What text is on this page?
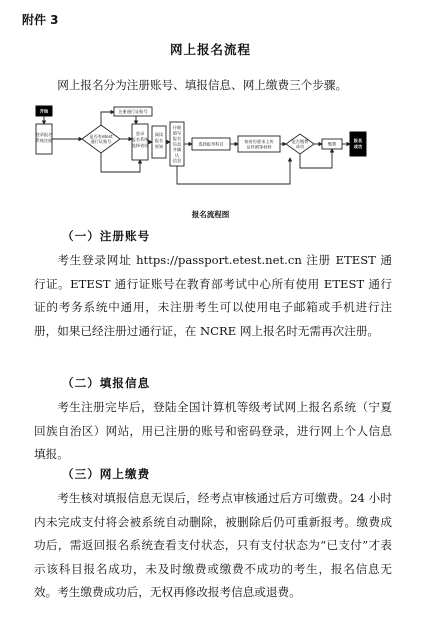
附件 3
网上报名流程
网上报名分为注册账号、填报信息、网上缴费三个步骤。
开始
登录报名
系统注册
是否有etest
通行证账号
注册通行证账号
登录
报名系统
选择省份
阅读
报名
须知
仔细
填写
报名
信息
并确
认
信息
选择报考科目	按省份要求上传
证件照等材料
是否缴费
成功	缴费
报名
成功
报名流程图
（一）注册账号
考生登录网址 https://passport.etest.net.cn 注册 ETEST 通行证。ETEST 通行证账号在教育部考试中心所有使用 ETEST 通行证的考务系统中通用，未注册考生可以使用电子邮箱或手机进行注册，如果已经注册过通行证，在 NCRE 网上报名时无需再次注册。
（二）填报信息
考生注册完毕后，登陆全国计算机等级考试网上报名系统（宁夏回族自治区）网站，用已注册的账号和密码登录，进行网上个人信息填报。
（三）网上缴费
考生核对填报信息无误后，经考点审核通过后方可缴费。24 小时内未完成支付将会被系统自动删除，被删除后仍可重新报考。缴费成功后，需返回报名系统查看支付状态，只有支付状态为“已支付”才表示该科目报名成功，未及时缴费或缴费不成功的考生，报名信息无效。考生缴费成功后，无权再修改报考信息或退费。
